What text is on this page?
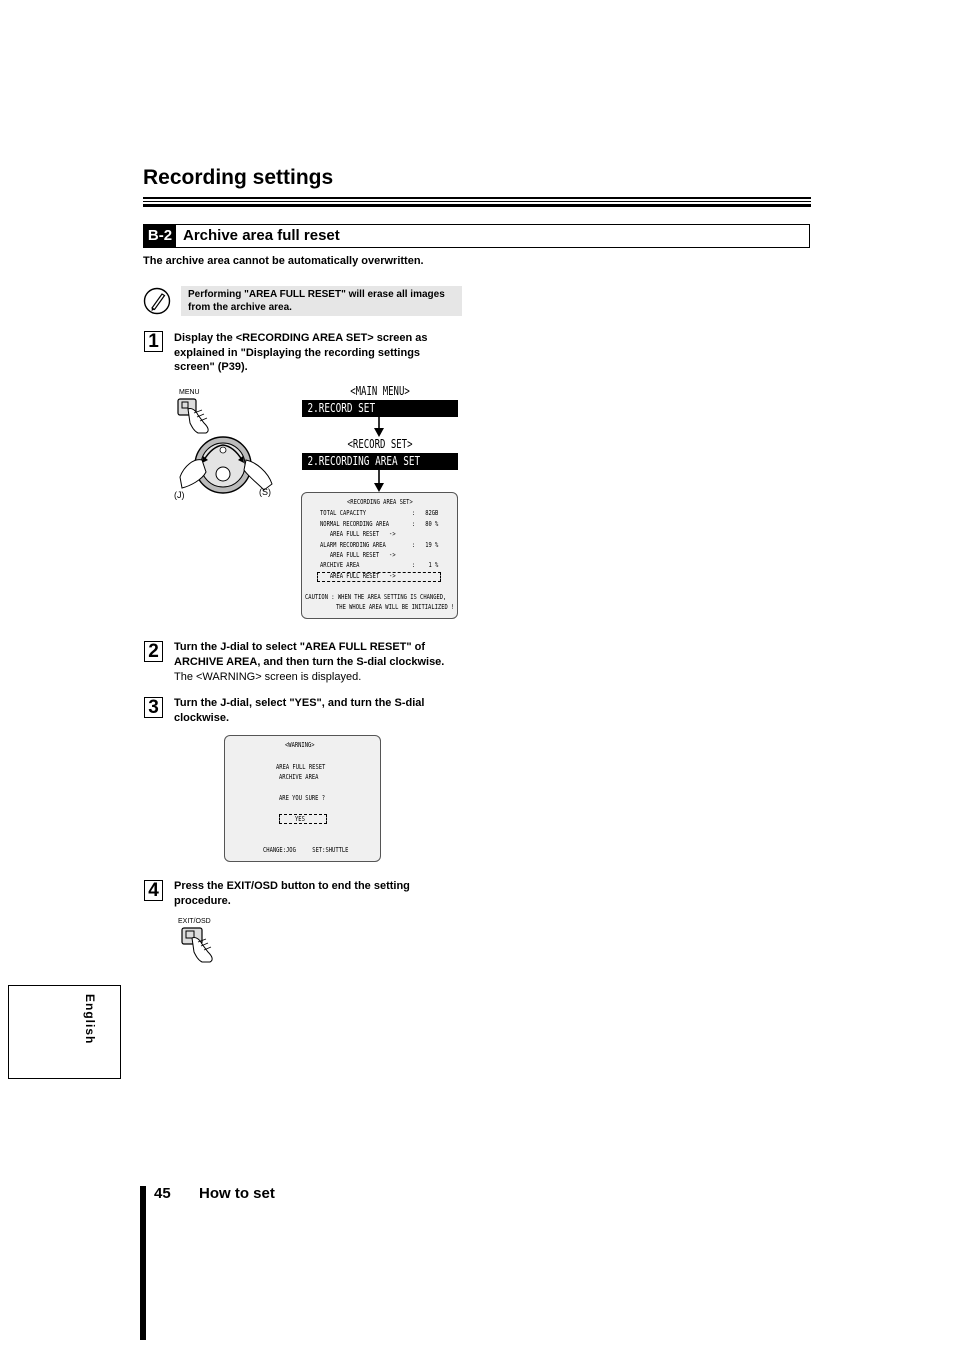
Recording settings
B-2 Archive area full reset
The archive area cannot be automatically overwritten.
Performing "AREA FULL RESET" will erase all images
from the archive area.
1	Display the <RECORDING AREA SET> screen as
explained in "Displaying the recording settings
screen" (P39).
MENU
(J)	(S)
<MAIN MENU>
2.RECORD SET
<RECORD SET>
2.RECORDING AREA SET
<RECORDING AREA SET>
TOTAL CAPACITY              :   82GB
NORMAL RECORDING AREA       :   80 %
AREA FULL RESET   ->
ALARM RECORDING AREA        :   19 %
AREA FULL RESET   ->
ARCHIVE AREA                :    1 %
AREA FULL RESET   ->
CAUTION : WHEN THE AREA SETTING IS CHANGED,
THE WHOLE AREA WILL BE INITIALIZED !
2	Turn the J-dial to select "AREA FULL RESET" of
ARCHIVE AREA, and then turn the S-dial clockwise.
The <WARNING> screen is displayed.
3	Turn the J-dial, select "YES", and turn the S-dial
clockwise.
<WARNING>
AREA FULL RESET
ARCHIVE AREA
ARE YOU SURE ?
YES
CHANGE:JOG     SET:SHUTTLE
4	Press the EXIT/OSD button to end the setting
procedure.
EXIT/OSD
English
45 How to set
